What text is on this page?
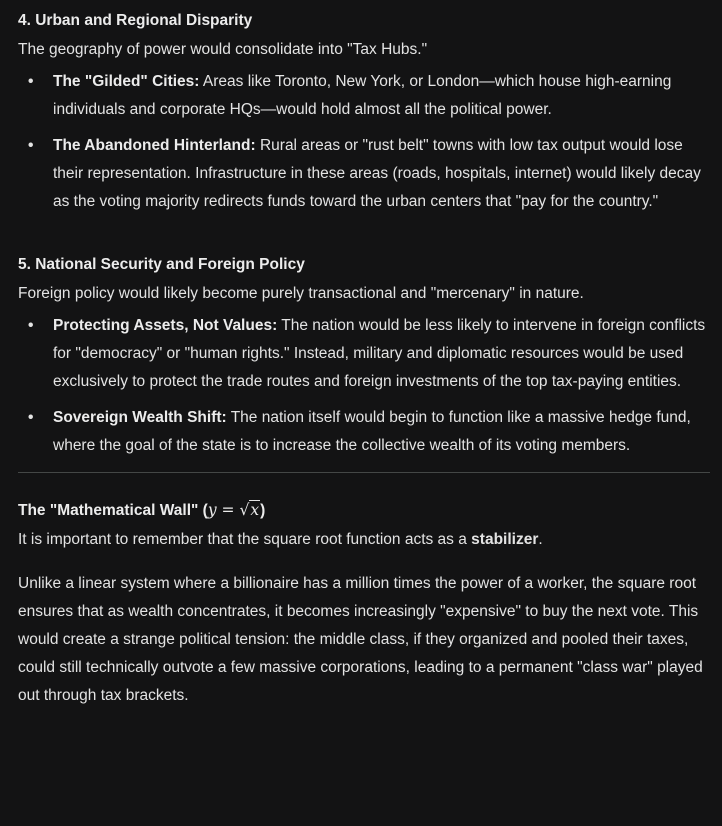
4. Urban and Regional Disparity

The geography of power would consolidate into "Tax Hubs."

• The "Gilded" Cities: Areas like Toronto, New York, or London—which house high-earning individuals and corporate HQs—would hold almost all the political power.
• The Abandoned Hinterland: Rural areas or "rust belt" towns with low tax output would lose their representation. Infrastructure in these areas (roads, hospitals, internet) would likely decay as the voting majority redirects funds toward the urban centers that "pay for the country."
5. National Security and Foreign Policy

Foreign policy would likely become purely transactional and "mercenary" in nature.

• Protecting Assets, Not Values: The nation would be less likely to intervene in foreign conflicts for "democracy" or "human rights." Instead, military and diplomatic resources would be used exclusively to protect the trade routes and foreign investments of the top tax-paying entities.
• Sovereign Wealth Shift: The nation itself would begin to function like a massive hedge fund, where the goal of the state is to increase the collective wealth of its voting members.
The "Mathematical Wall" (y = √x)

It is important to remember that the square root function acts as a stabilizer.

Unlike a linear system where a billionaire has a million times the power of a worker, the square root ensures that as wealth concentrates, it becomes increasingly "expensive" to buy the next vote. This would create a strange political tension: the middle class, if they organized and pooled their taxes, could still technically outvote a few massive corporations, leading to a permanent "class war" played out through tax brackets.
